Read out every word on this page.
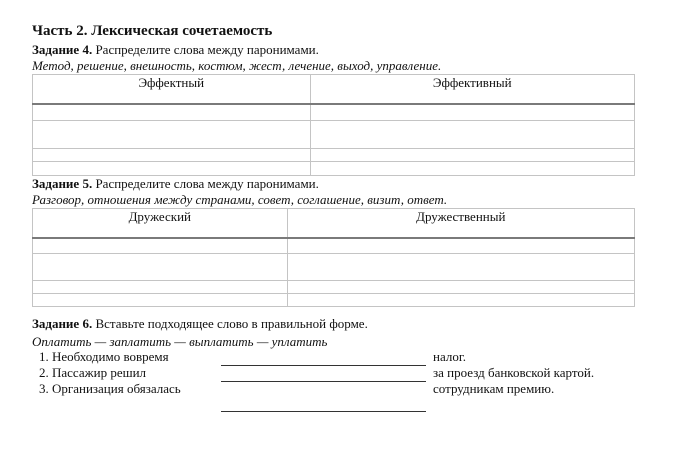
Часть 2. Лексическая сочетаемость
Задание 4. Распределите слова между паронимами.
Метод, решение, внешность, костюм, жест, лечение, выход, управление.
Эффектный	Эффективный

Задание 5. Распределите слова между паронимами.
Разговор, отношения между странами, совет, соглашение, визит, ответ.
Дружеский	Дружественный

Задание 6. Вставьте подходящее слово в правильной форме.
Оплатить — заплатить — выплатить — уплатить
1. Необходимо вовремя	налог.
2. Пассажир решил	за проезд банковской картой.
3. Организация обязалась	сотрудникам премию.
